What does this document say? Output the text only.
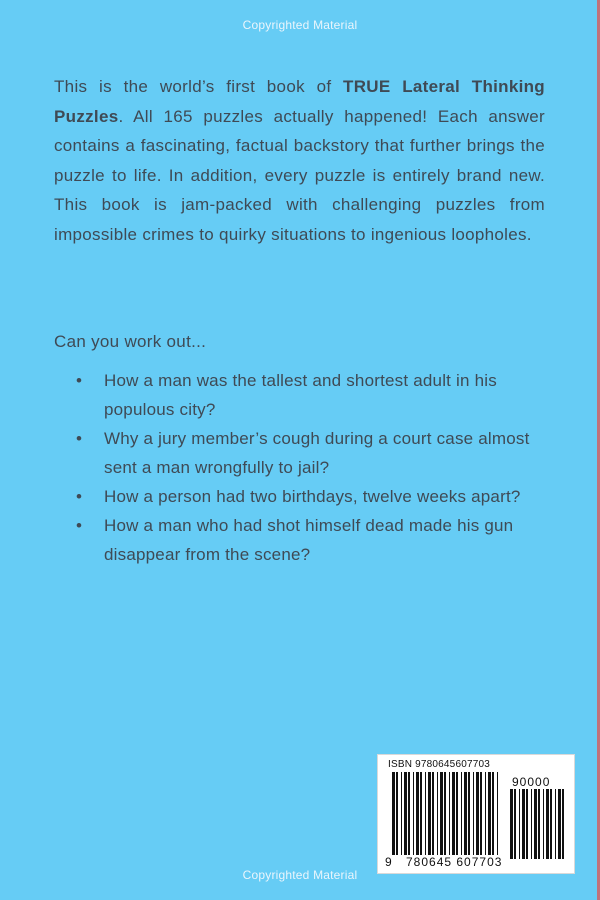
Copyrighted Material

This is the world’s first book of TRUE Lateral Thinking Puzzles. All 165 puzzles actually happened! Each answer contains a fascinating, factual backstory that further brings the puzzle to life. In addition, every puzzle is entirely brand new. This book is jam-packed with challenging puzzles from impossible crimes to quirky situations to ingenious loopholes.

Can you work out...

• How a man was the tallest and shortest adult in his populous city?
• Why a jury member’s cough during a court case almost sent a man wrongfully to jail?
• How a person had two birthdays, twelve weeks apart?
• How a man who had shot himself dead made his gun disappear from the scene?
ISBN 9780645607703
9 780645 607703
90000
Copyrighted Material
